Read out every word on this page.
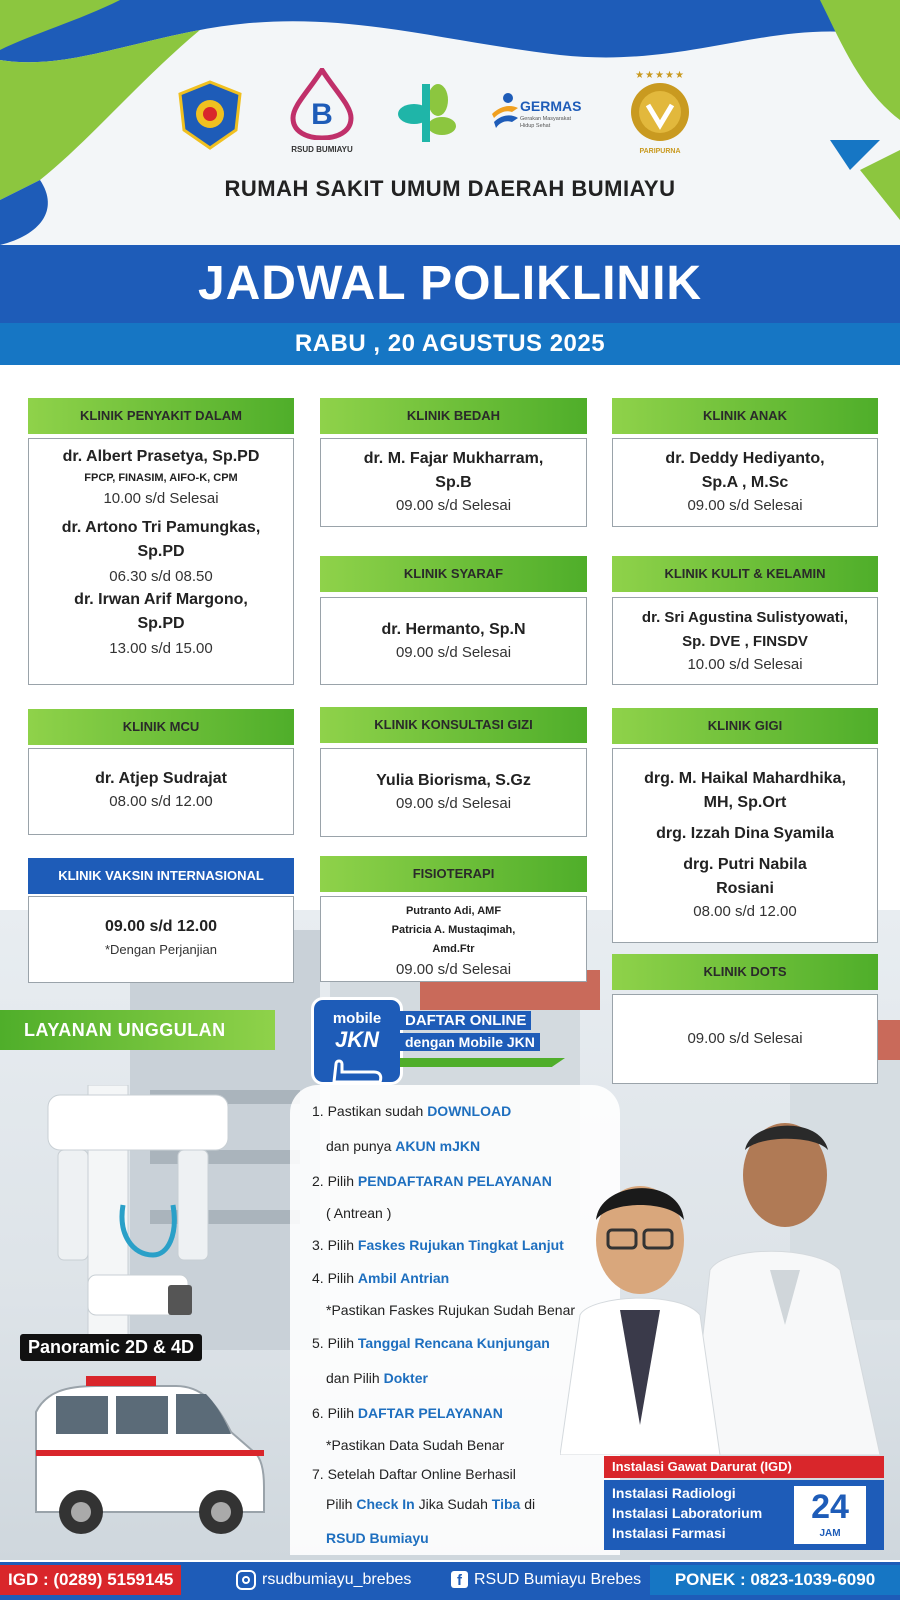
B
RSUD BUMIAYU
GERMAS
Gerakan Masyarakat Hidup Sehat
★★★★★
PARIPURNA
RUMAH SAKIT UMUM DAERAH BUMIAYU
JADWAL POLIKLINIK
RABU , 20 AGUSTUS 2025
KLINIK PENYAKIT DALAM
dr. Albert Prasetya, Sp.PD
FPCP, FINASIM, AIFO-K, CPM
10.00 s/d Selesai
dr. Artono Tri Pamungkas,
Sp.PD
06.30 s/d 08.50
dr. Irwan Arif Margono,
Sp.PD
13.00 s/d 15.00
KLINIK MCU
dr. Atjep Sudrajat
08.00 s/d 12.00
KLINIK VAKSIN INTERNASIONAL
09.00 s/d 12.00
*Dengan Perjanjian
KLINIK BEDAH
dr. M. Fajar Mukharram,
Sp.B
09.00 s/d Selesai
KLINIK SYARAF
dr. Hermanto, Sp.N
09.00 s/d Selesai
KLINIK KONSULTASI GIZI
Yulia Biorisma, S.Gz
09.00 s/d Selesai
FISIOTERAPI
Putranto Adi, AMF
Patricia A. Mustaqimah,
Amd.Ftr
09.00 s/d Selesai
KLINIK ANAK
dr. Deddy Hediyanto,
Sp.A , M.Sc
09.00 s/d Selesai
KLINIK KULIT & KELAMIN
dr. Sri Agustina Sulistyowati,
Sp. DVE , FINSDV
10.00 s/d Selesai
KLINIK GIGI
drg. M. Haikal Mahardhika,
MH, Sp.Ort
drg. Izzah Dina Syamila
drg. Putri Nabila
Rosiani
08.00 s/d 12.00
KLINIK DOTS
09.00 s/d Selesai
LAYANAN UNGGULAN
Panoramic 2D & 4D
mobile
JKN
DAFTAR ONLINE
dengan Mobile JKN
1. Pastikan sudah DOWNLOAD
dan punya AKUN mJKN
2. Pilih PENDAFTARAN PELAYANAN
( Antrean )
3. Pilih Faskes Rujukan Tingkat Lanjut
4. Pilih Ambil Antrian
*Pastikan Faskes Rujukan Sudah Benar
5. Pilih Tanggal Rencana Kunjungan
dan Pilih Dokter
6. Pilih DAFTAR PELAYANAN
*Pastikan Data Sudah Benar
7. Setelah Daftar Online Berhasil
Pilih Check In Jika Sudah Tiba di
RSUD Bumiayu
Instalasi Gawat Darurat (IGD)
Instalasi Radiologi
Instalasi Laboratorium
Instalasi Farmasi
24
JAM
IGD : (0289) 5159145	rsudbumiayu_brebes	f RSUD Bumiayu Brebes	PONEK : 0823-1039-6090
